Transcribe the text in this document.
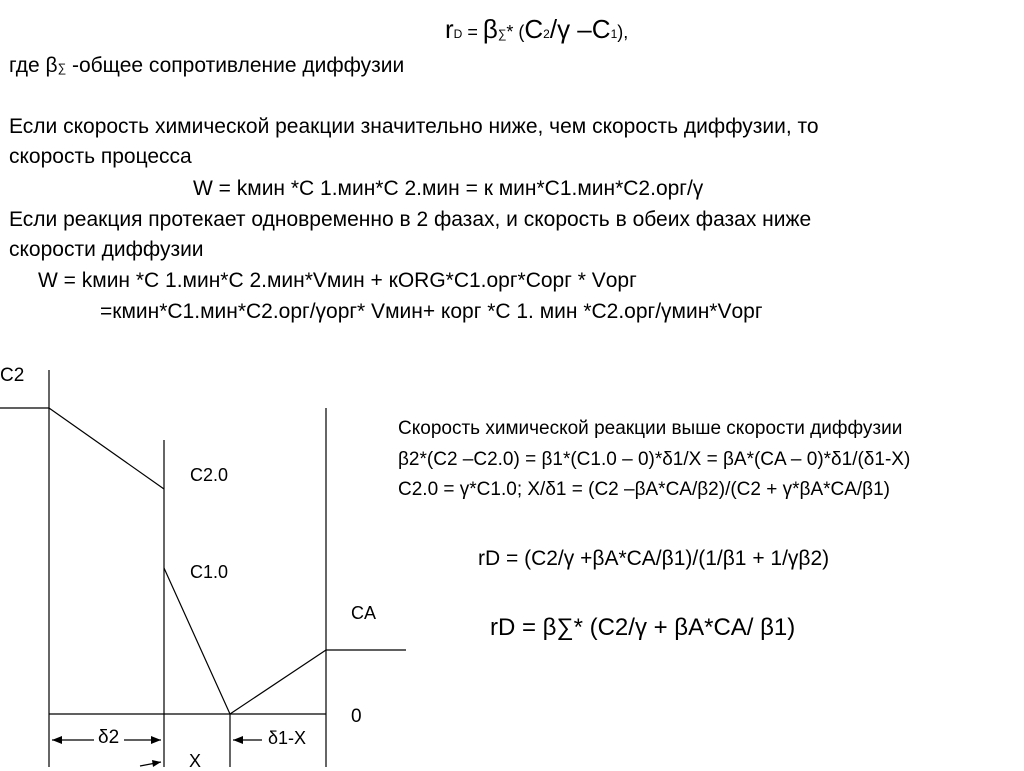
rD = β∑* (C2/γ –C1),
где β∑ -общее сопротивление диффузии
Если скорость химической реакции значительно ниже, чем скорость диффузии, то
скорость процесса
W = kмин *C 1.мин*C 2.мин = к мин*C1.мин*C2.орг/γ
Если реакция протекает одновременно в 2 фазах, и скорость в обеих фазах ниже
скорости диффузии
W = kмин *C 1.мин*C 2.мин*Vмин + кORG*C1.орг*Cорг * Vорг
=кмин*C1.мин*C2.орг/γорг* Vмин+ корг *C 1. мин *C2.орг/γмин*Vорг
Скорость химической реакции выше скорости диффузии
β2*(C2 –C2.0) = β1*(C1.0 – 0)*δ1/X = βA*(CA – 0)*δ1/(δ1-X)
C2.0 = γ*C1.0; X/δ1 = (C2 –βA*CA/β2)/(C2 + γ*βA*CA/β1)
rD = (C2/γ +βA*CA/β1)/(1/β1 + 1/γβ2)
rD = β∑* (C2/γ + βA*CA/ β1)
C2
C2.0
C1.0
CA
0
δ2	δ1-X
X
